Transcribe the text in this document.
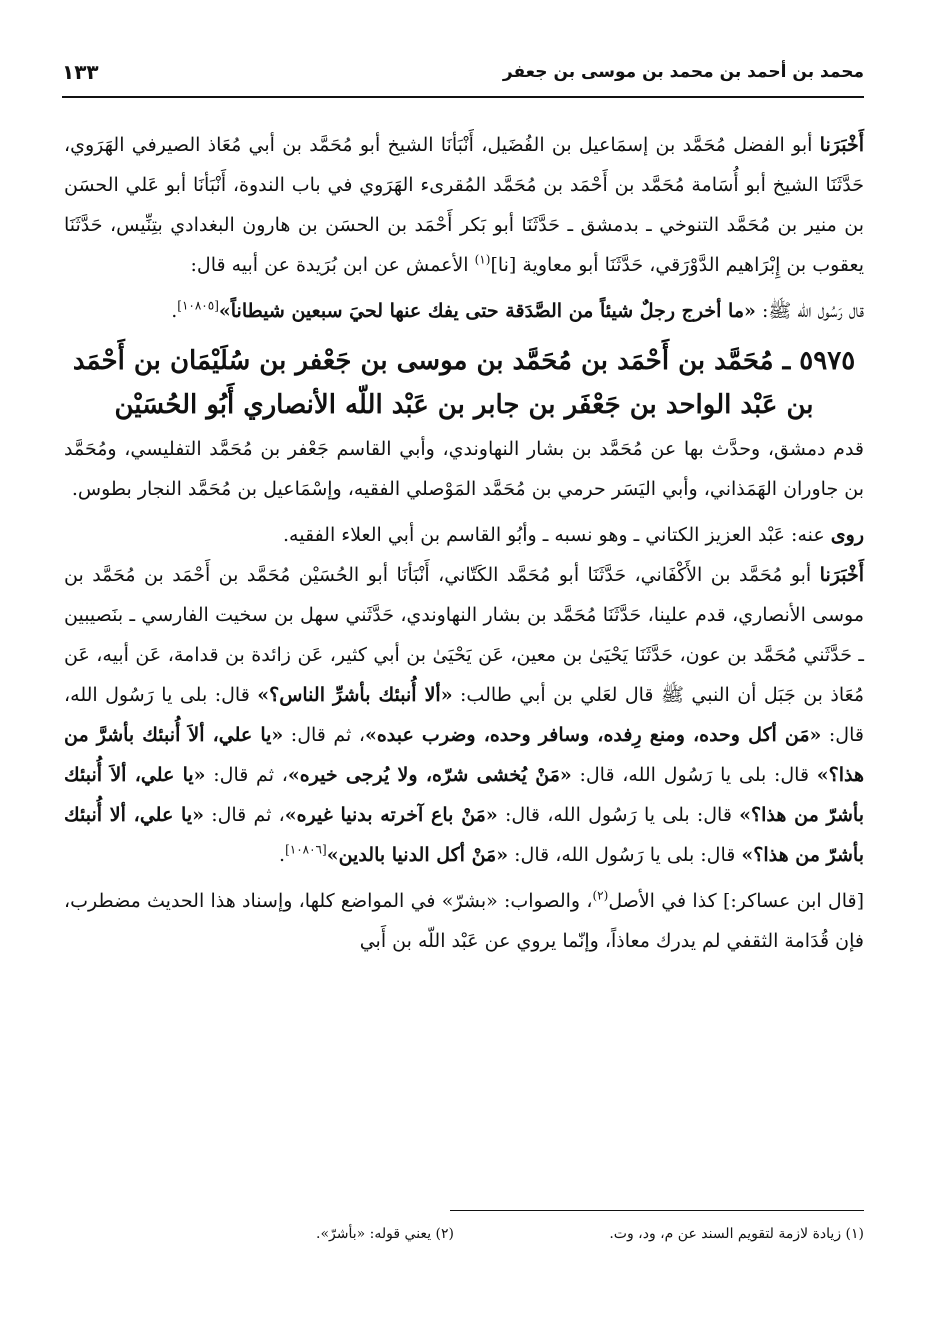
محمد بن أحمد بن محمد بن موسى بن جعفر
١٣٣

أَخْبَرَنا أبو الفضل مُحَمَّد بن إسمَاعيل بن الفُضَيل، أَنْبَأنَا الشيخ أبو مُحَمَّد بن أبي مُعَاذ الصيرفي الهَرَوي، حَدَّثَنَا الشيخ أبو أُسَامة مُحَمَّد بن أَحْمَد بن مُحَمَّد المُقرىء الهَرَوي في باب الندوة، أَنْبَأنَا أبو عَلي الحسَن بن منير بن مُحَمَّد التنوخي ـ بدمشق ـ حَدَّثَنَا أبو بَكر أَحْمَد بن الحسَن بن هارون البغدادي بتِنِّيس، حَدَّثَنَا يعقوب بن إِبْرَاهيم الدَّوْرَقي، حَدَّثَنَا أبو معاوية [نا]$^{(١)}$ الأعمش عن ابن بُرَيدة عن أبيه قال:

قال رَسُول الله ﷺ: «ما أخرج رجلٌ شيئاً من الصَّدَقة حتى يفك عنها لحيَ سبعين شيطاناً»[١٠٨٠٥].

٥٩٧٥ ـ مُحَمَّد بن أَحْمَد بن مُحَمَّد بن موسى بن جَعْفر بن سُلَيْمَان بن أَحْمَد بن عَبْد الواحد بن جَعْفَر بن جابر بن عَبْد اللّه الأنصاري أَبُو الحُسَيْن

قدم دمشق، وحدَّث بها عن مُحَمَّد بن بشار النهاوندي، وأبي القاسم جَعْفر بن مُحَمَّد التفليسي، ومُحَمَّد بن جاوران الهَمَذاني، وأبي اليَسَر حرمي بن مُحَمَّد المَوْصلي الفقيه، وإسْمَاعيل بن مُحَمَّد النجار بطوس.

روى عنه: عَبْد العزيز الكتاني ـ وهو نسبه ـ وأبُو القاسم بن أبي العلاء الفقيه.

أَخْبَرَنا أبو مُحَمَّد بن الأَكْفَاني، حَدَّثَنَا أبو مُحَمَّد الكَتّاني، أَنْبَأنَا أبو الحُسَيْن مُحَمَّد بن أَحْمَد بن مُحَمَّد بن موسى الأنصاري، قدم علينا، حَدَّثَنَا مُحَمَّد بن بشار النهاوندي، حَدَّثَني سهل بن سخيت الفارسي ـ بنَصيبين ـ حَدَّثَني مُحَمَّد بن عون، حَدَّثَنَا يَحْيَىٰ بن معين، عَن يَحْيَىٰ بن أبي كثير، عَن زائدة بن قدامة، عَن أبيه، عَن مُعَاذ بن جَبَل أن النبي ﷺ قال لعَلي بن أبي طالب: «ألا أُنبئك بأشرِّ الناس؟» قال: بلى يا رَسُول الله، قال: «مَن أكل وحده، ومنع رِفده، وسافر وحده، وضرب عبده»، ثم قال: «يا علي، ألاَ أُنبئك بأشرَّ من هذا؟» قال: بلى يا رَسُول الله، قال: «مَنْ يُخشى شرّه، ولا يُرجى خيره»، ثم قال: «يا علي، ألاَ أُنبئك بأشرّ من هذا؟» قال: بلى يا رَسُول الله، قال: «مَنْ باع آخرته بدنيا غيره»، ثم قال: «يا علي، ألا أُنبئك بأشرّ من هذا؟» قال: بلى يا رَسُول الله، قال: «مَنْ أكل الدنيا بالدين»[١٠٨٠٦].

[قال ابن عساكر:] كذا في الأصل$^{(٢)}$، والصواب: «بشرّ» في المواضع كلها، وإسناد هذا الحديث مضطرب، فإن قُدَامة الثقفي لم يدرك معاذاً، وإنّما يروي عن عَبْد اللّه بن أَبي

(١) زيادة لازمة لتقويم السند عن م، ود، وت.
(٢) يعني قوله: «بأشرّ».
